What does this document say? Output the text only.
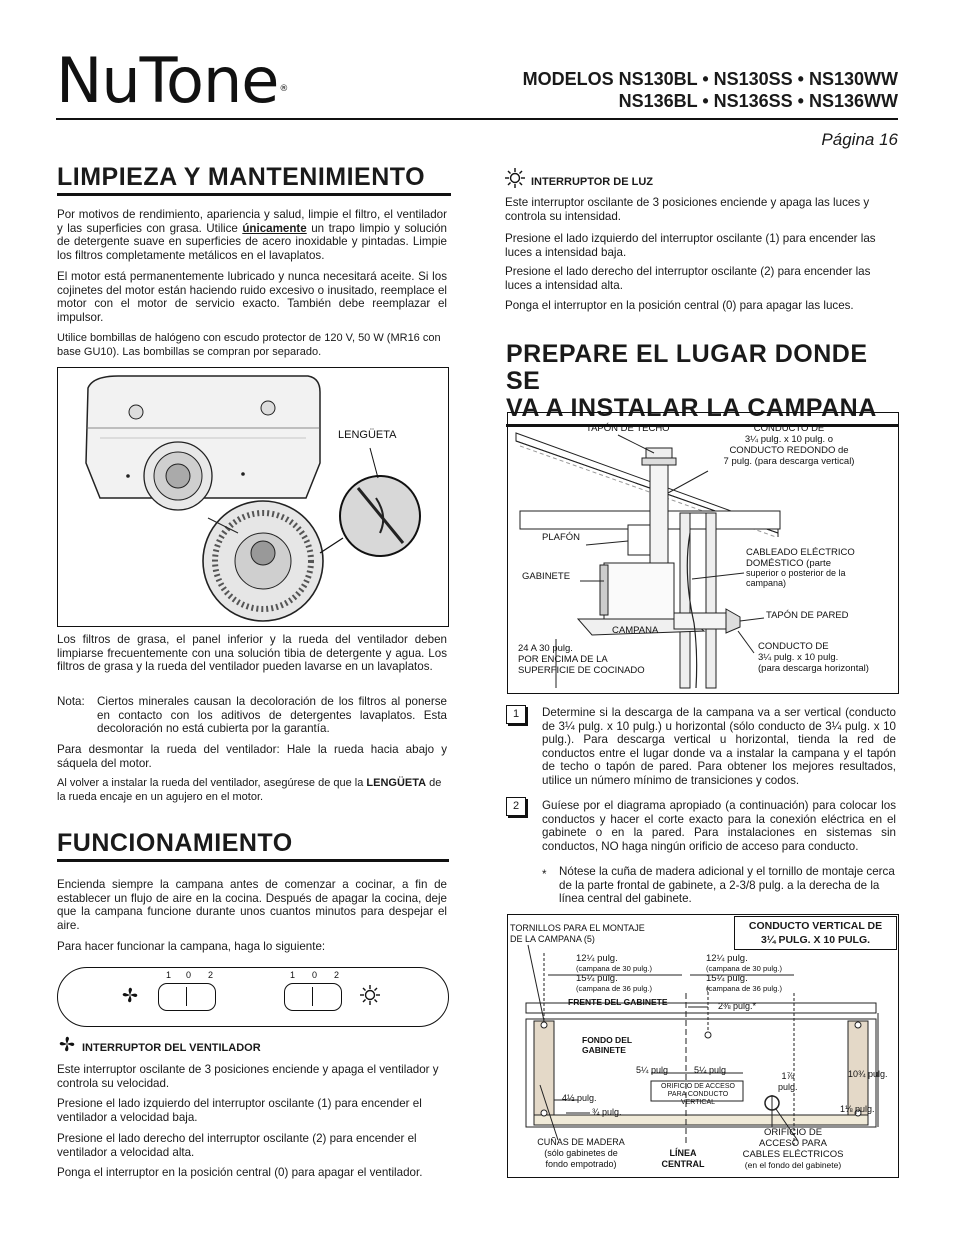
NuTone®	MODELOS NS130BL • NS130SS • NS130WW
NS136BL • NS136SS • NS136WW
Página 16
LIMPIEZA Y MANTENIMIENTO

Por motivos de rendimiento, apariencia y salud, limpie el filtro, el ventilador y las superficies con grasa. Utilice únicamente un trapo limpio y solución de detergente suave en superficies de acero inoxidable y pintadas. Limpie los filtros completamente metálicos en el lavaplatos.

El motor está permanentemente lubricado y nunca necesitará aceite. Si los cojinetes del motor están haciendo ruido excesivo o inusitado, reemplace el motor con el motor de servicio exacto. También debe reemplazar el impulsor.

Utilice bombillas de halógeno con escudo protector de 120 V, 50 W (MR16 con base GU10). Las bombillas se compran por separado.

LENGÜETA

Los filtros de grasa, el panel inferior y la rueda del ventilador deben limpiarse frecuentemente con una solución tibia de detergente y agua. Los filtros de grasa y la rueda del ventilador pueden lavarse en un lavaplatos.

Nota:	Ciertos minerales causan la decoloración de los filtros al ponerse en contacto con los aditivos de detergentes lavaplatos. Esta decoloración no está cubierta por la garantía.

Para desmontar la rueda del ventilador: Hale la rueda hacia abajo y sáquela del motor.

Al volver a instalar la rueda del ventilador, asegúrese de que la LENGÜETA de la rueda encaje en un agujero en el motor.

FUNCIONAMIENTO

Encienda siempre la campana antes de comenzar a cocinar, a fin de establecer un flujo de aire en la cocina. Después de apagar la cocina, deje que la campana funcione durante unos cuantos minutos para despejar el aire.

Para hacer funcionar la campana, haga lo siguiente:

1 0 2	1 0 2
INTERRUPTOR DEL VENTILADOR

Este interruptor oscilante de 3 posiciones enciende y apaga el ventilador y controla su velocidad.

Presione el lado izquierdo del interruptor oscilante (1) para encender el ventilador a velocidad baja.

Presione el lado derecho del interruptor oscilante (2) para encender el ventilador a velocidad alta.

Ponga el interruptor en la posición central (0) para apagar el ventilador.

INTERRUPTOR DE LUZ

Este interruptor oscilante de 3 posiciones enciende y apaga las luces y controla su intensidad.

Presione el lado izquierdo del interruptor oscilante (1) para encender las luces a intensidad baja.

Presione el lado derecho del interruptor oscilante (2) para encender las luces a intensidad alta.

Ponga el interruptor en la posición central (0) para apagar las luces.

PREPARE EL LUGAR DONDE SE
VA A INSTALAR LA CAMPANA
TAPÓN DE TECHO	CONDUCTO DE
3¼ pulg. x 10 pulg. o
CONDUCTO REDONDO de
7 pulg. (para descarga vertical)
PLAFÓN
GABINETE
CABLEADO ELÉCTRICO
DOMÉSTICO (parte
superior o posterior de la
campana)
TAPÓN DE PARED
CAMPANA
24 A 30 pulg.
POR ENCIMA DE LA
SUPERFICIE DE COCINADO
CONDUCTO DE
3¼ pulg. x 10 pulg.
(para descarga horizontal)
1	Determine si la descarga de la campana va a ser vertical (conducto de 3¼ pulg. x 10 pulg.) u horizontal (sólo conducto de 3¼ pulg. x 10 pulg.). Para descarga vertical u horizontal, tienda la red de conductos entre el lugar donde va a instalar la campana y el tapón de techo o tapón de pared. Para obtener los mejores resultados, utilice un número mínimo de transiciones y codos.

2	Guíese por el diagrama apropiado (a continuación) para colocar los conductos y hacer el corte exacto para la conexión eléctrica en el gabinete o en la pared. Para instalaciones en sistemas sin conductos, NO haga ningún orificio de acceso para conducto.

* Nótese la cuña de madera adicional y el tornillo de montaje cerca de la parte frontal de gabinete, a 2-3/8 pulg. a la derecha de la línea central del gabinete.

TORNILLOS PARA EL MONTAJE
DE LA CAMPANA (5)
CONDUCTO VERTICAL DE
3¼ PULG. X 10 PULG.
12¼ pulg.
(campana de 30 pulg.)
15¼ pulg.
(campana de 36 pulg.)
12¼ pulg.
(campana de 30 pulg.)
15¼ pulg.
(campana de 36 pulg.)
FRENTE DEL GABINETE	2⅜ pulg.*
FONDO DEL
GABINETE
5¼ pulg	5¼ pulg
ORIFICIO DE ACCESO
PARA CONDUCTO VERTICAL
1⅞
pulg.
10¾ pulg.
4½ pulg.
¾ pulg.	1⅛ pulg.
CUÑAS DE MADERA
(sólo gabinetes de
fondo empotrado)
LÍNEA
CENTRAL
ORIFICIO DE
ACCESO PARA
CABLES ELÉCTRICOS
(en el fondo del gabinete)
